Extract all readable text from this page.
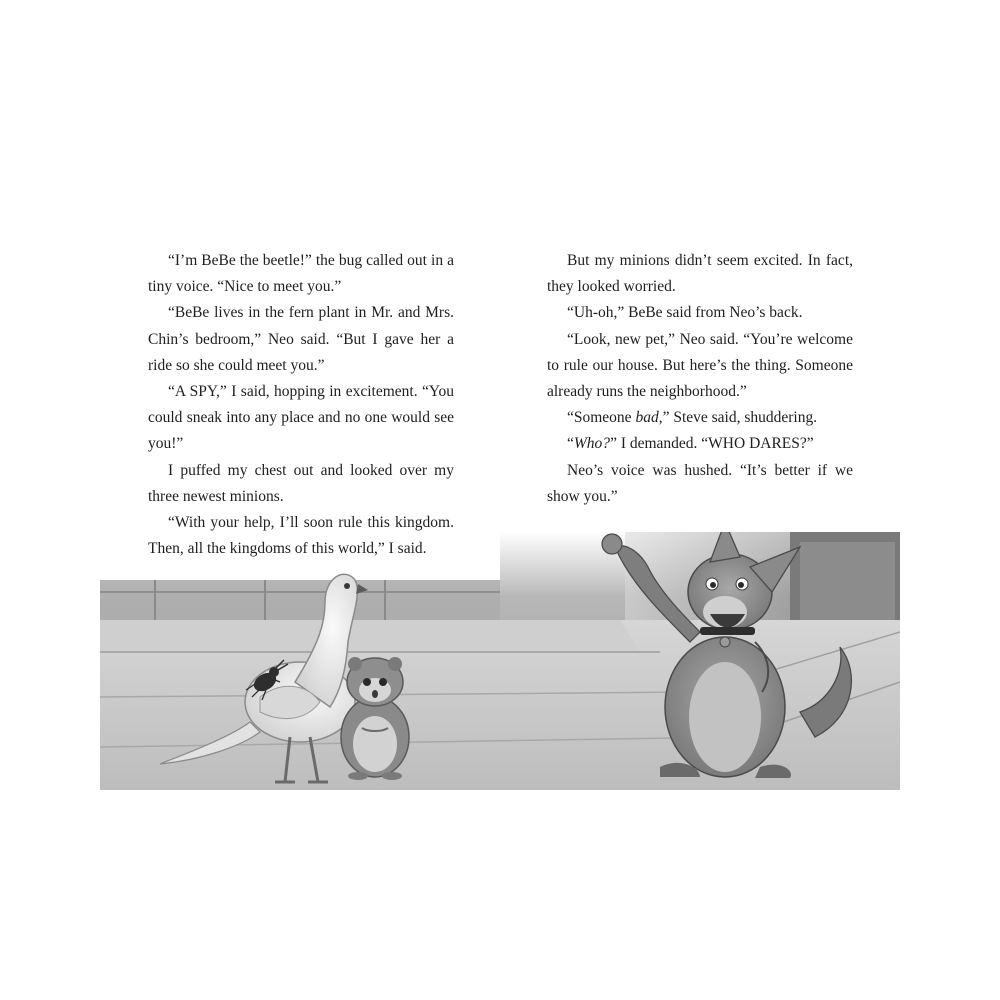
“I’m BeBe the beetle!” the bug called out in a tiny voice. “Nice to meet you.”

“BeBe lives in the fern plant in Mr. and Mrs. Chin’s bedroom,” Neo said. “But I gave her a ride so she could meet you.”

“A SPY,” I said, hopping in excitement. “You could sneak into any place and no one would see you!”

I puffed my chest out and looked over my three newest minions.

“With your help, I’ll soon rule this kingdom. Then, all the kingdoms of this world,” I said.

But my minions didn’t seem excited. In fact, they looked worried.

“Uh-oh,” BeBe said from Neo’s back.

“Look, new pet,” Neo said. “You’re welcome to rule our house. But here’s the thing. Someone already runs the neighborhood.”

“Someone bad,” Steve said, shuddering.

“Who?” I demanded. “WHO DARES?”

Neo’s voice was hushed. “It’s better if we show you.”
